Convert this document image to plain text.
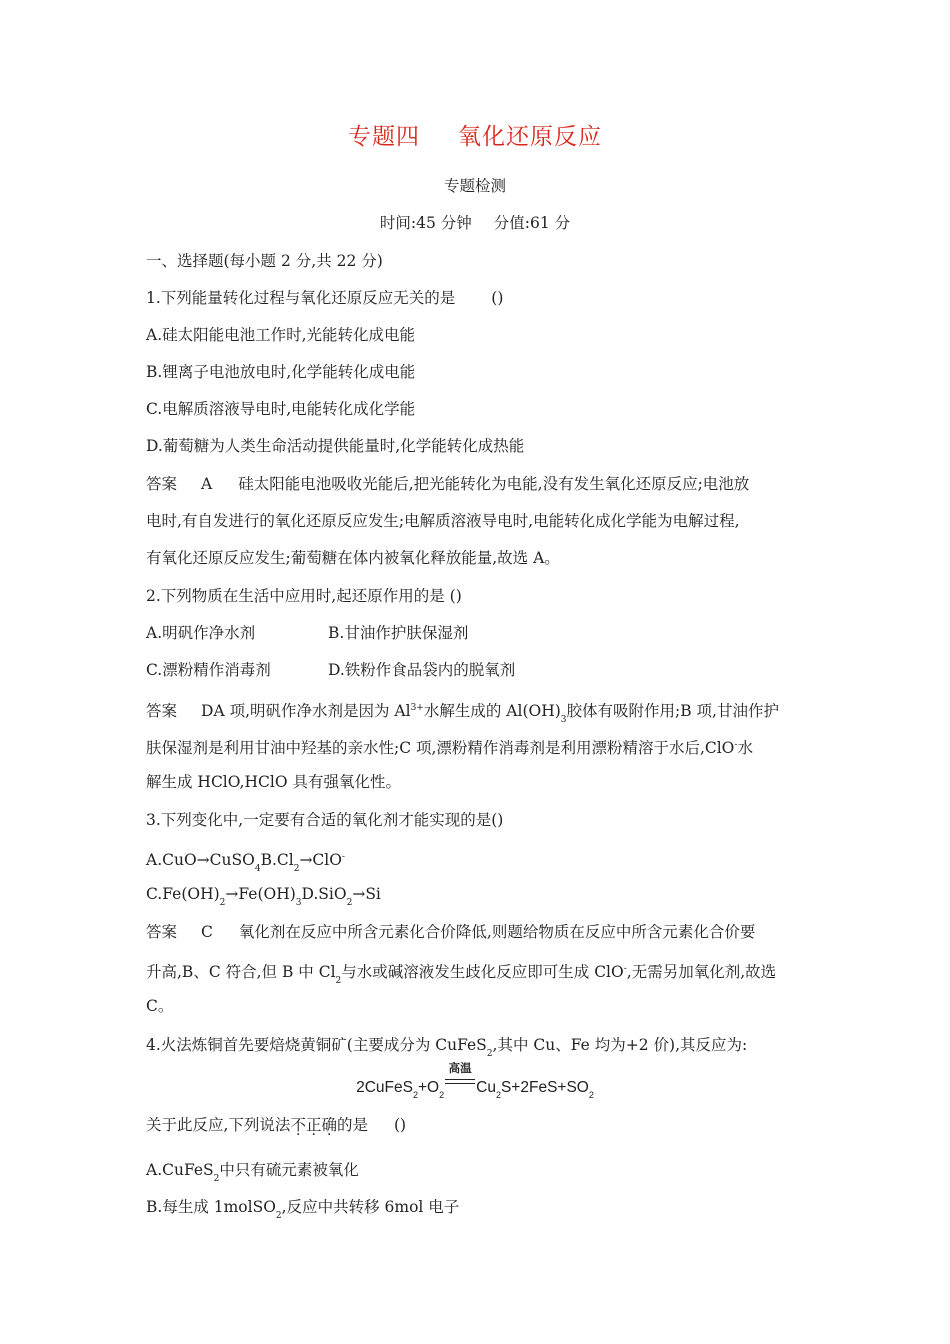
专题四 氧化还原反应
专题检测
时间:45 分钟 分值:61 分
一、选择题(每小题 2 分,共 22 分)
1.下列能量转化过程与氧化还原反应无关的是 ()
A.硅太阳能电池工作时,光能转化成电能
B.锂离子电池放电时,化学能转化成电能
C.电解质溶液导电时,电能转化成化学能
D.葡萄糖为人类生命活动提供能量时,化学能转化成热能
答案 A 硅太阳能电池吸收光能后,把光能转化为电能,没有发生氧化还原反应;电池放
电时,有自发进行的氧化还原反应发生;电解质溶液导电时,电能转化成化学能为电解过程,
有氧化还原反应发生;葡萄糖在体内被氧化释放能量,故选 A。
2.下列物质在生活中应用时,起还原作用的是 ()
A.明矾作净水剂	B.甘油作护肤保湿剂
C.漂粉精作消毒剂	D.铁粉作食品袋内的脱氧剂
答案 DA 项,明矾作净水剂是因为 $Al^{3+}$水解生成的 $Al(OH)_3$胶体有吸附作用;B 项,甘油作护
肤保湿剂是利用甘油中羟基的亲水性;C 项,漂粉精作消毒剂是利用漂粉精溶于水后,ClO-水
解生成 HClO,HClO 具有强氧化性。
3.下列变化中,一定要有合适的氧化剂才能实现的是()
$A.CuO\to CuSO_4B.Cl_2\to ClO^-$
$C.Fe(OH)_2\to Fe(OH)_3D.SiO_2\to Si$
答案 C 氧化剂在反应中所含元素化合价降低,则题给物质在反应中所含元素化合价要
升高,B、C 符合,但 B 中 $Cl_2$与水或碱溶液发生歧化反应即可生成 ClO-,无需另加氧化剂,故选
C。
4.火法炼铜首先要焙烧黄铜矿(主要成分为 CuFeS$_2$,其中 Cu、Fe 均为+2 价),其反应为:
$2CuFeS_2+O_2$
高温
$Cu_2S+2FeS+SO_2$
关于此反应,下列说法不正确的是 ()
A.CuFeS$_2$中只有硫元素被氧化
B.每生成 1molSO$_2$,反应中共转移 6mol 电子
